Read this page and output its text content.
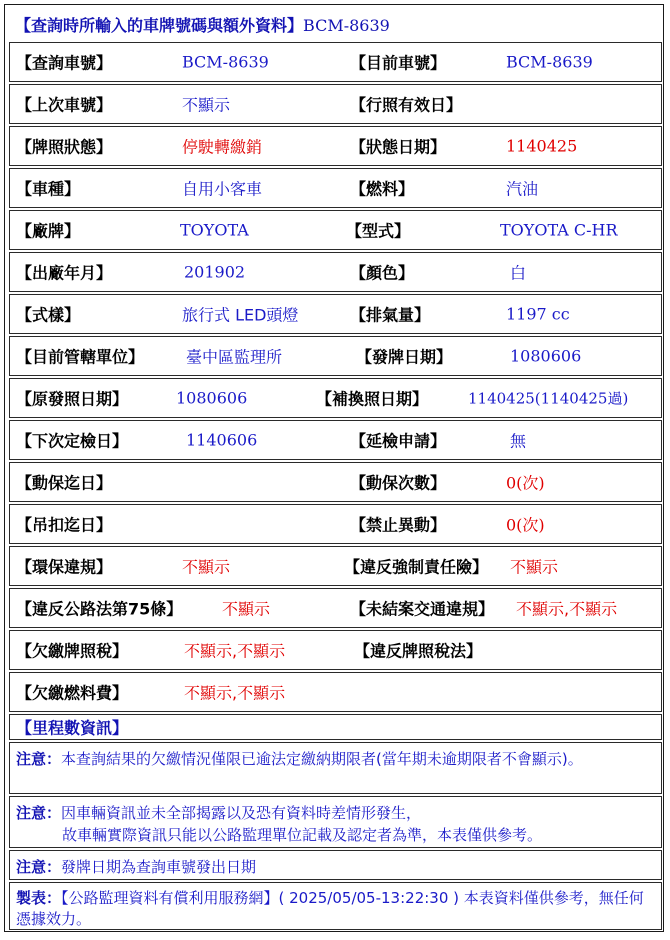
【查詢時所輸入的車牌號碼與額外資料】BCM-8639
【查詢車號】	BCM-8639	【目前車號】	BCM-8639
【上次車號】	不顯示	【行照有效日】
【牌照狀態】	停駛轉繳銷	【狀態日期】	1140425
【車種】	自用小客車	【燃料】	汽油
【廠牌】	TOYOTA	【型式】	TOYOTA C-HR
【出廠年月】	201902	【顏色】	白
【式樣】	旅行式 LED頭燈	【排氣量】	1197 cc
【目前管轄單位】	臺中區監理所	【發牌日期】	1080606
【原發照日期】	1080606	【補換照日期】	1140425(1140425過)
【下次定檢日】	1140606	【延檢申請】	無
【動保迄日】	【動保次數】	0(次)
【吊扣迄日】	【禁止異動】	0(次)
【環保違規】	不顯示	【違反強制責任險】 不顯示
【違反公路法第75條】 不顯示	【未結案交通違規】 不顯示,不顯示
【欠繳牌照稅】	不顯示,不顯示	【違反牌照稅法】
【欠繳燃料費】	不顯示,不顯示
【里程數資訊】
注意：本查詢結果的欠繳情況僅限已逾法定繳納期限者(當年期未逾期限者不會顯示)。
注意：因車輛資訊並未全部揭露以及恐有資料時差情形發生，
故車輛實際資訊只能以公路監理單位記載及認定者為準，本表僅供參考。
注意：發牌日期為查詢車號發出日期
製表：【公路監理資料有償利用服務網】( 2025/05/05-13:22:30 ) 本表資料僅供參考，無任何憑據效力。
